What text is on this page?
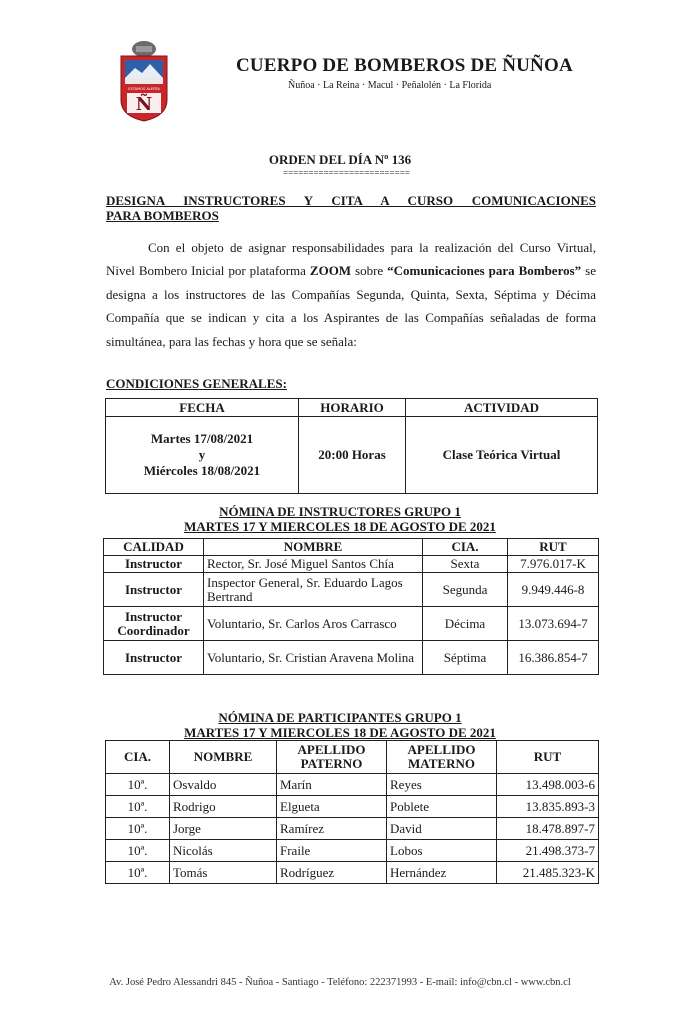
ESTAMOS ALERTA
Ñ
CUERPO DE BOMBEROS DE ÑUÑOA
Ñuñoa · La Reina · Macul · Peñalolén · La Florida
ORDEN DEL DÍA Nº 136
=========================
DESIGNA INSTRUCTORES Y CITA A CURSO COMUNICACIONES
PARA BOMBEROS
Con el objeto de asignar responsabilidades para la realización del Curso Virtual, Nivel Bombero Inicial por plataforma ZOOM sobre “Comunicaciones para Bomberos” se designa a los instructores de las Compañías Segunda, Quinta, Sexta, Séptima y Décima Compañía que se indican y cita a los Aspirantes de las Compañías señaladas de forma simultánea, para las fechas y hora que se señala:
CONDICIONES GENERALES:
FECHA	HORARIO	ACTIVIDAD

Martes 17/08/2021
y
Miércoles 18/08/2021	20:00 Horas	Clase Teórica Virtual
NÓMINA DE INSTRUCTORES GRUPO 1
MARTES 17 Y MIERCOLES 18 DE AGOSTO DE 2021
CALIDAD	NOMBRE	CIA.	RUT
Instructor	Rector, Sr. José Miguel Santos Chía	Sexta	7.976.017-K
Instructor	Inspector General, Sr. Eduardo Lagos Bertrand	Segunda	9.949.446-8
Instructor Coordinador	Voluntario, Sr. Carlos Aros Carrasco	Décima	13.073.694-7
Instructor	Voluntario, Sr. Cristian Aravena Molina	Séptima	16.386.854-7
NÓMINA DE PARTICIPANTES GRUPO 1
MARTES 17 Y MIERCOLES 18 DE AGOSTO DE 2021
CIA.	NOMBRE	APELLIDO PATERNO	APELLIDO MATERNO	RUT
10ª.	Osvaldo	Marín	Reyes	13.498.003-6
10ª.	Rodrigo	Elgueta	Poblete	13.835.893-3
10ª.	Jorge	Ramírez	David	18.478.897-7
10ª.	Nicolás	Fraile	Lobos	21.498.373-7
10ª.	Tomás	Rodríguez	Hernández	21.485.323-K
Av. José Pedro Alessandri 845 - Ñuñoa - Santiago - Teléfono: 222371993 - E-mail: info@cbn.cl - www.cbn.cl
